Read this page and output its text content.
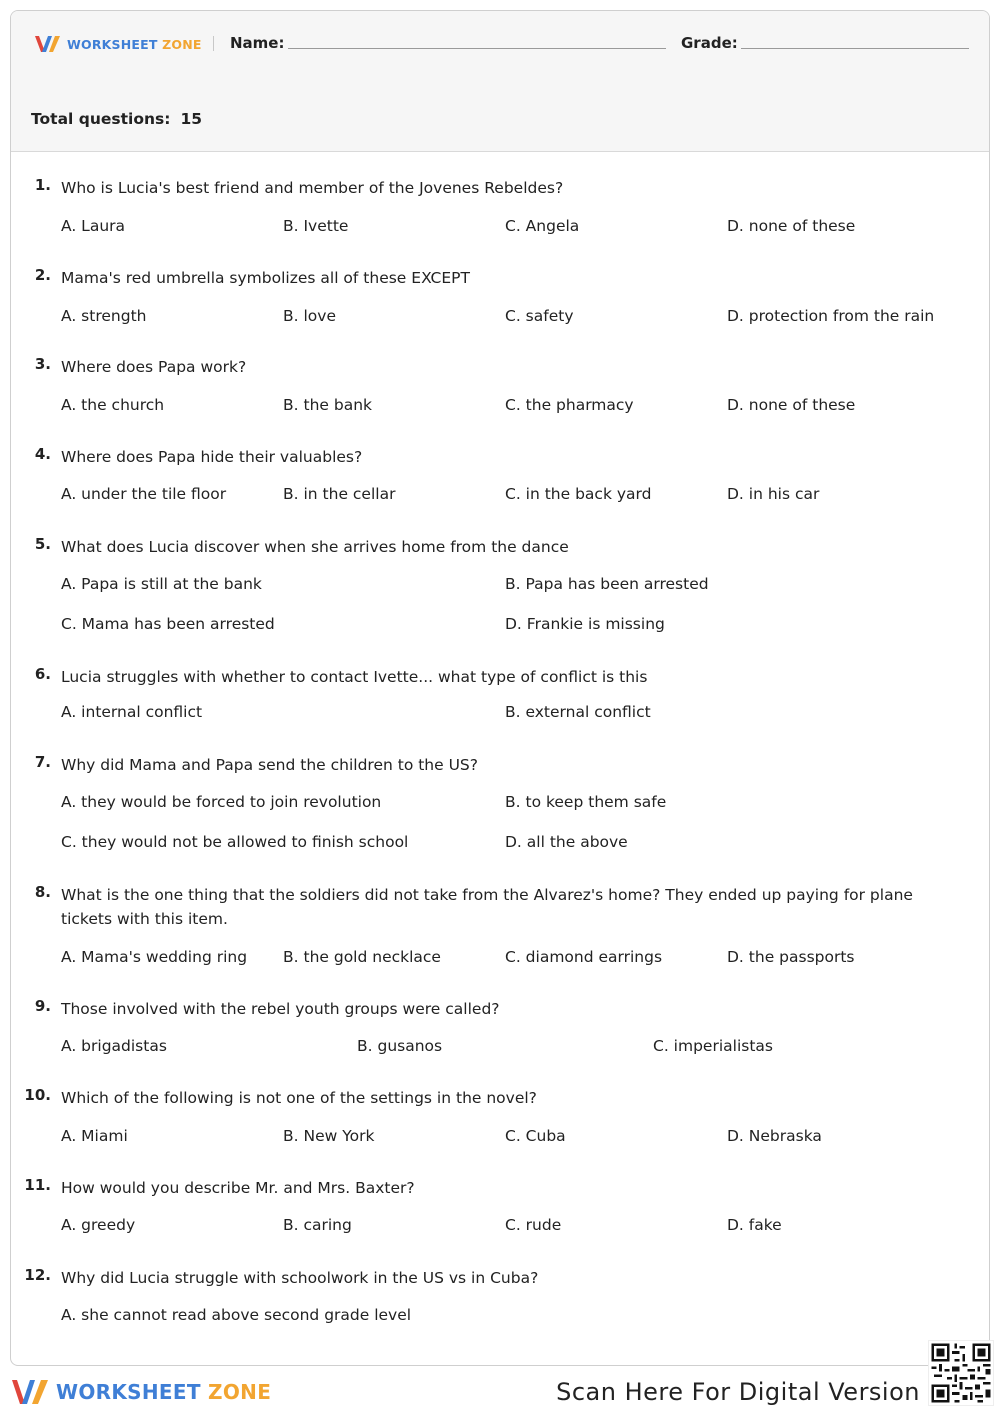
WORKSHEET ZONE Name:	Grade:
Total questions: 15
1. Who is Lucia's best friend and member of the Jovenes Rebeldes?
A. Laura	B. Ivette	C. Angela	D. none of these
2. Mama's red umbrella symbolizes all of these EXCEPT
A. strength	B. love	C. safety	D. protection from the rain
3. Where does Papa work?
A. the church	B. the bank	C. the pharmacy	D. none of these
4. Where does Papa hide their valuables?
A. under the tile floor	B. in the cellar	C. in the back yard	D. in his car
5. What does Lucia discover when she arrives home from the dance
A. Papa is still at the bank	B. Papa has been arrested
C. Mama has been arrested	D. Frankie is missing
6. Lucia struggles with whether to contact Ivette... what type of conflict is this
A. internal conflict	B. external conflict
7. Why did Mama and Papa send the children to the US?
A. they would be forced to join revolution	B. to keep them safe
C. they would not be allowed to finish school	D. all the above
8. What is the one thing that the soldiers did not take from the Alvarez's home? They ended up paying for plane tickets with this item.
A. Mama's wedding ring B. the gold necklace	C. diamond earrings	D. the passports
9. Those involved with the rebel youth groups were called?
A. brigadistas	B. gusanos	C. imperialistas
10. Which of the following is not one of the settings in the novel?
A. Miami	B. New York	C. Cuba	D. Nebraska
11. How would you describe Mr. and Mrs. Baxter?
A. greedy	B. caring	C. rude	D. fake
12. Why did Lucia struggle with schoolwork in the US vs in Cuba?
A. she cannot read above second grade level
WORKSHEET ZONE	Scan Here For Digital Version
